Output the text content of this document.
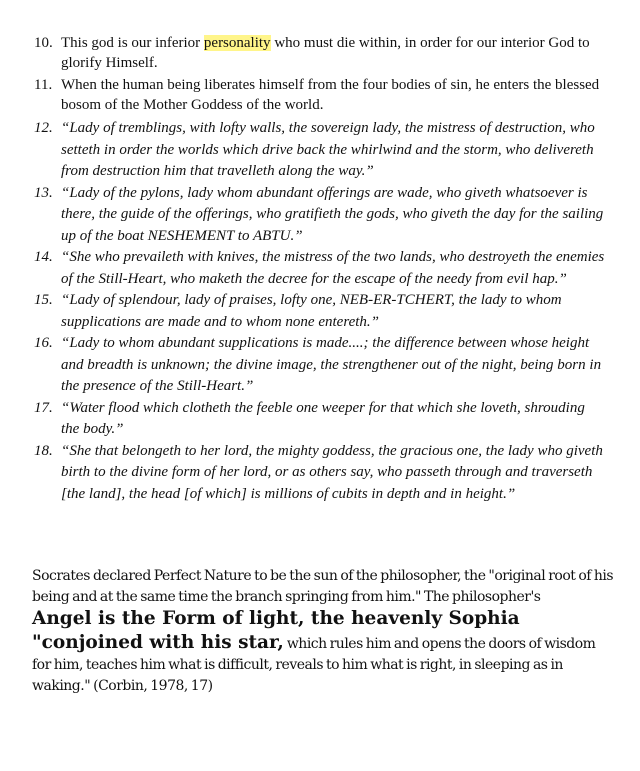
10. This god is our inferior personality who must die within, in order for our interior God to glorify Himself.
11. When the human being liberates himself from the four bodies of sin, he enters the blessed bosom of the Mother Goddess of the world.
12. “Lady of tremblings, with lofty walls, the sovereign lady, the mistress of destruction, who setteth in order the worlds which drive back the whirlwind and the storm, who delivereth from destruction him that travelleth along the way.”
13. “Lady of the pylons, lady whom abundant offerings are wade, who giveth whatsoever is there, the guide of the offerings, who gratifieth the gods, who giveth the day for the sailing up of the boat NESHEMENT to ABTU.”
14. “She who prevaileth with knives, the mistress of the two lands, who destroyeth the enemies of the Still-Heart, who maketh the decree for the escape of the needy from evil hap.”
15. “Lady of splendour, lady of praises, lofty one, NEB-ER-TCHERT, the lady to whom supplications are made and to whom none entereth.”
16. “Lady to whom abundant supplications is made....; the difference between whose height and breadth is unknown; the divine image, the strengthener out of the night, being born in the presence of the Still-Heart.”
17. “Water flood which clotheth the feeble one weeper for that which she loveth, shrouding the body.”
18. “She that belongeth to her lord, the mighty goddess, the gracious one, the lady who giveth birth to the divine form of her lord, or as others say, who passeth through and traverseth [the land], the head [of which] is millions of cubits in depth and in height.”

Socrates declared Perfect Nature to be the sun of the philosopher, the "original root of his being and at the same time the branch springing from him." The philosopher's
Angel is the Form of light, the heavenly Sophia "conjoined with his star, which rules him and opens the doors of wisdom for him, teaches him what is difficult, reveals to him what is right, in sleeping as in waking." (Corbin, 1978, 17)
